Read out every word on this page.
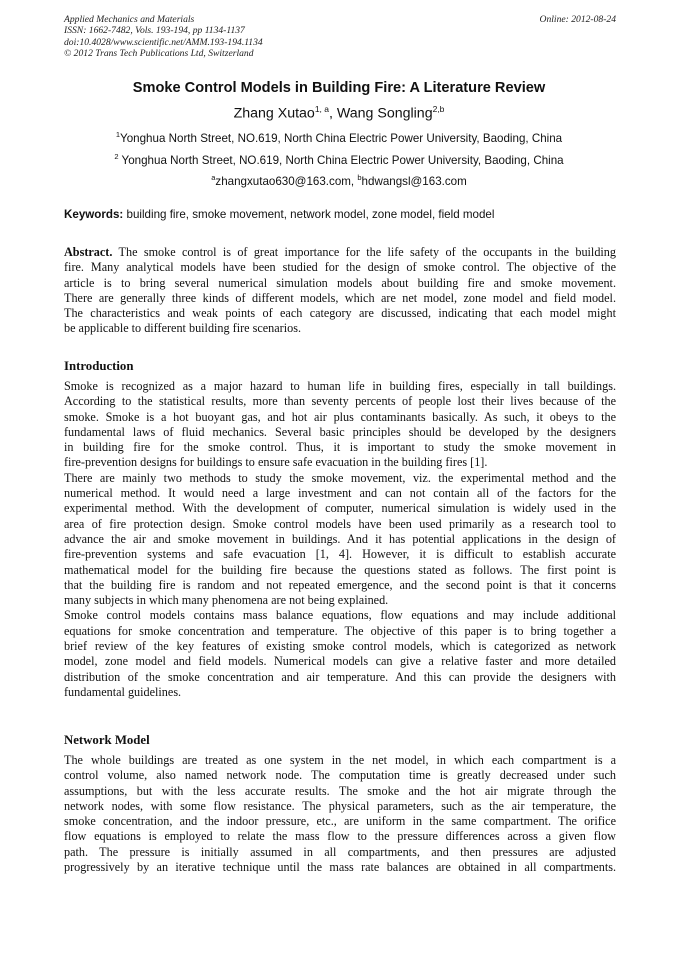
Applied Mechanics and Materials
ISSN: 1662-7482, Vols. 193-194, pp 1134-1137
doi:10.4028/www.scientific.net/AMM.193-194.1134
© 2012 Trans Tech Publications Ltd, Switzerland
Online: 2012-08-24
Smoke Control Models in Building Fire: A Literature Review
Zhang Xutao$^{1, a}$, Wang Songling$^{2,b}$
$^1$Yonghua North Street, NO.619, North China Electric Power University, Baoding, China
$^2$ Yonghua North Street, NO.619, North China Electric Power University, Baoding, China
$^a$zhangxutao630@163.com, $^b$hdwangsl@163.com
Keywords: building fire, smoke movement, network model, zone model, field model
Abstract. The smoke control is of great importance for the life safety of the occupants in the building
fire. Many analytical models have been studied for the design of smoke control. The objective of the
article is to bring several numerical simulation models about building fire and smoke movement.
There are generally three kinds of different models, which are net model, zone model and field model.
The characteristics and weak points of each category are discussed, indicating that each model might
be applicable to different building fire scenarios.
Introduction
Smoke is recognized as a major hazard to human life in building fires, especially in tall buildings.
According to the statistical results, more than seventy percents of people lost their lives because of the
smoke. Smoke is a hot buoyant gas, and hot air plus contaminants basically. As such, it obeys to the
fundamental laws of fluid mechanics. Several basic principles should be developed by the designers
in building fire for the smoke control. Thus, it is important to study the smoke movement in
fire-prevention designs for buildings to ensure safe evacuation in the building fires [1].
There are mainly two methods to study the smoke movement, viz. the experimental method and the
numerical method. It would need a large investment and can not contain all of the factors for the
experimental method. With the development of computer, numerical simulation is widely used in the
area of fire protection design. Smoke control models have been used primarily as a research tool to
advance the air and smoke movement in buildings. And it has potential applications in the design of
fire-prevention systems and safe evacuation [1, 4]. However, it is difficult to establish accurate
mathematical model for the building fire because the questions stated as follows. The first point is
that the building fire is random and not repeated emergence, and the second point is that it concerns
many subjects in which many phenomena are not being explained.
Smoke control models contains mass balance equations, flow equations and may include additional
equations for smoke concentration and temperature. The objective of this paper is to bring together a
brief review of the key features of existing smoke control models, which is categorized as network
model, zone model and field models. Numerical models can give a relative faster and more detailed
distribution of the smoke concentration and air temperature. And this can provide the designers with
fundamental guidelines.
Network Model
The whole buildings are treated as one system in the net model, in which each compartment is a
control volume, also named network node. The computation time is greatly decreased under such
assumptions, but with the less accurate results. The smoke and the hot air migrate through the
network nodes, with some flow resistance. The physical parameters, such as the air temperature, the
smoke concentration, and the indoor pressure, etc., are uniform in the same compartment. The orifice
flow equations is employed to relate the mass flow to the pressure differences across a given flow
path. The pressure is initially assumed in all compartments, and then pressures are adjusted
progressively by an iterative technique until the mass rate balances are obtained in all compartments.
